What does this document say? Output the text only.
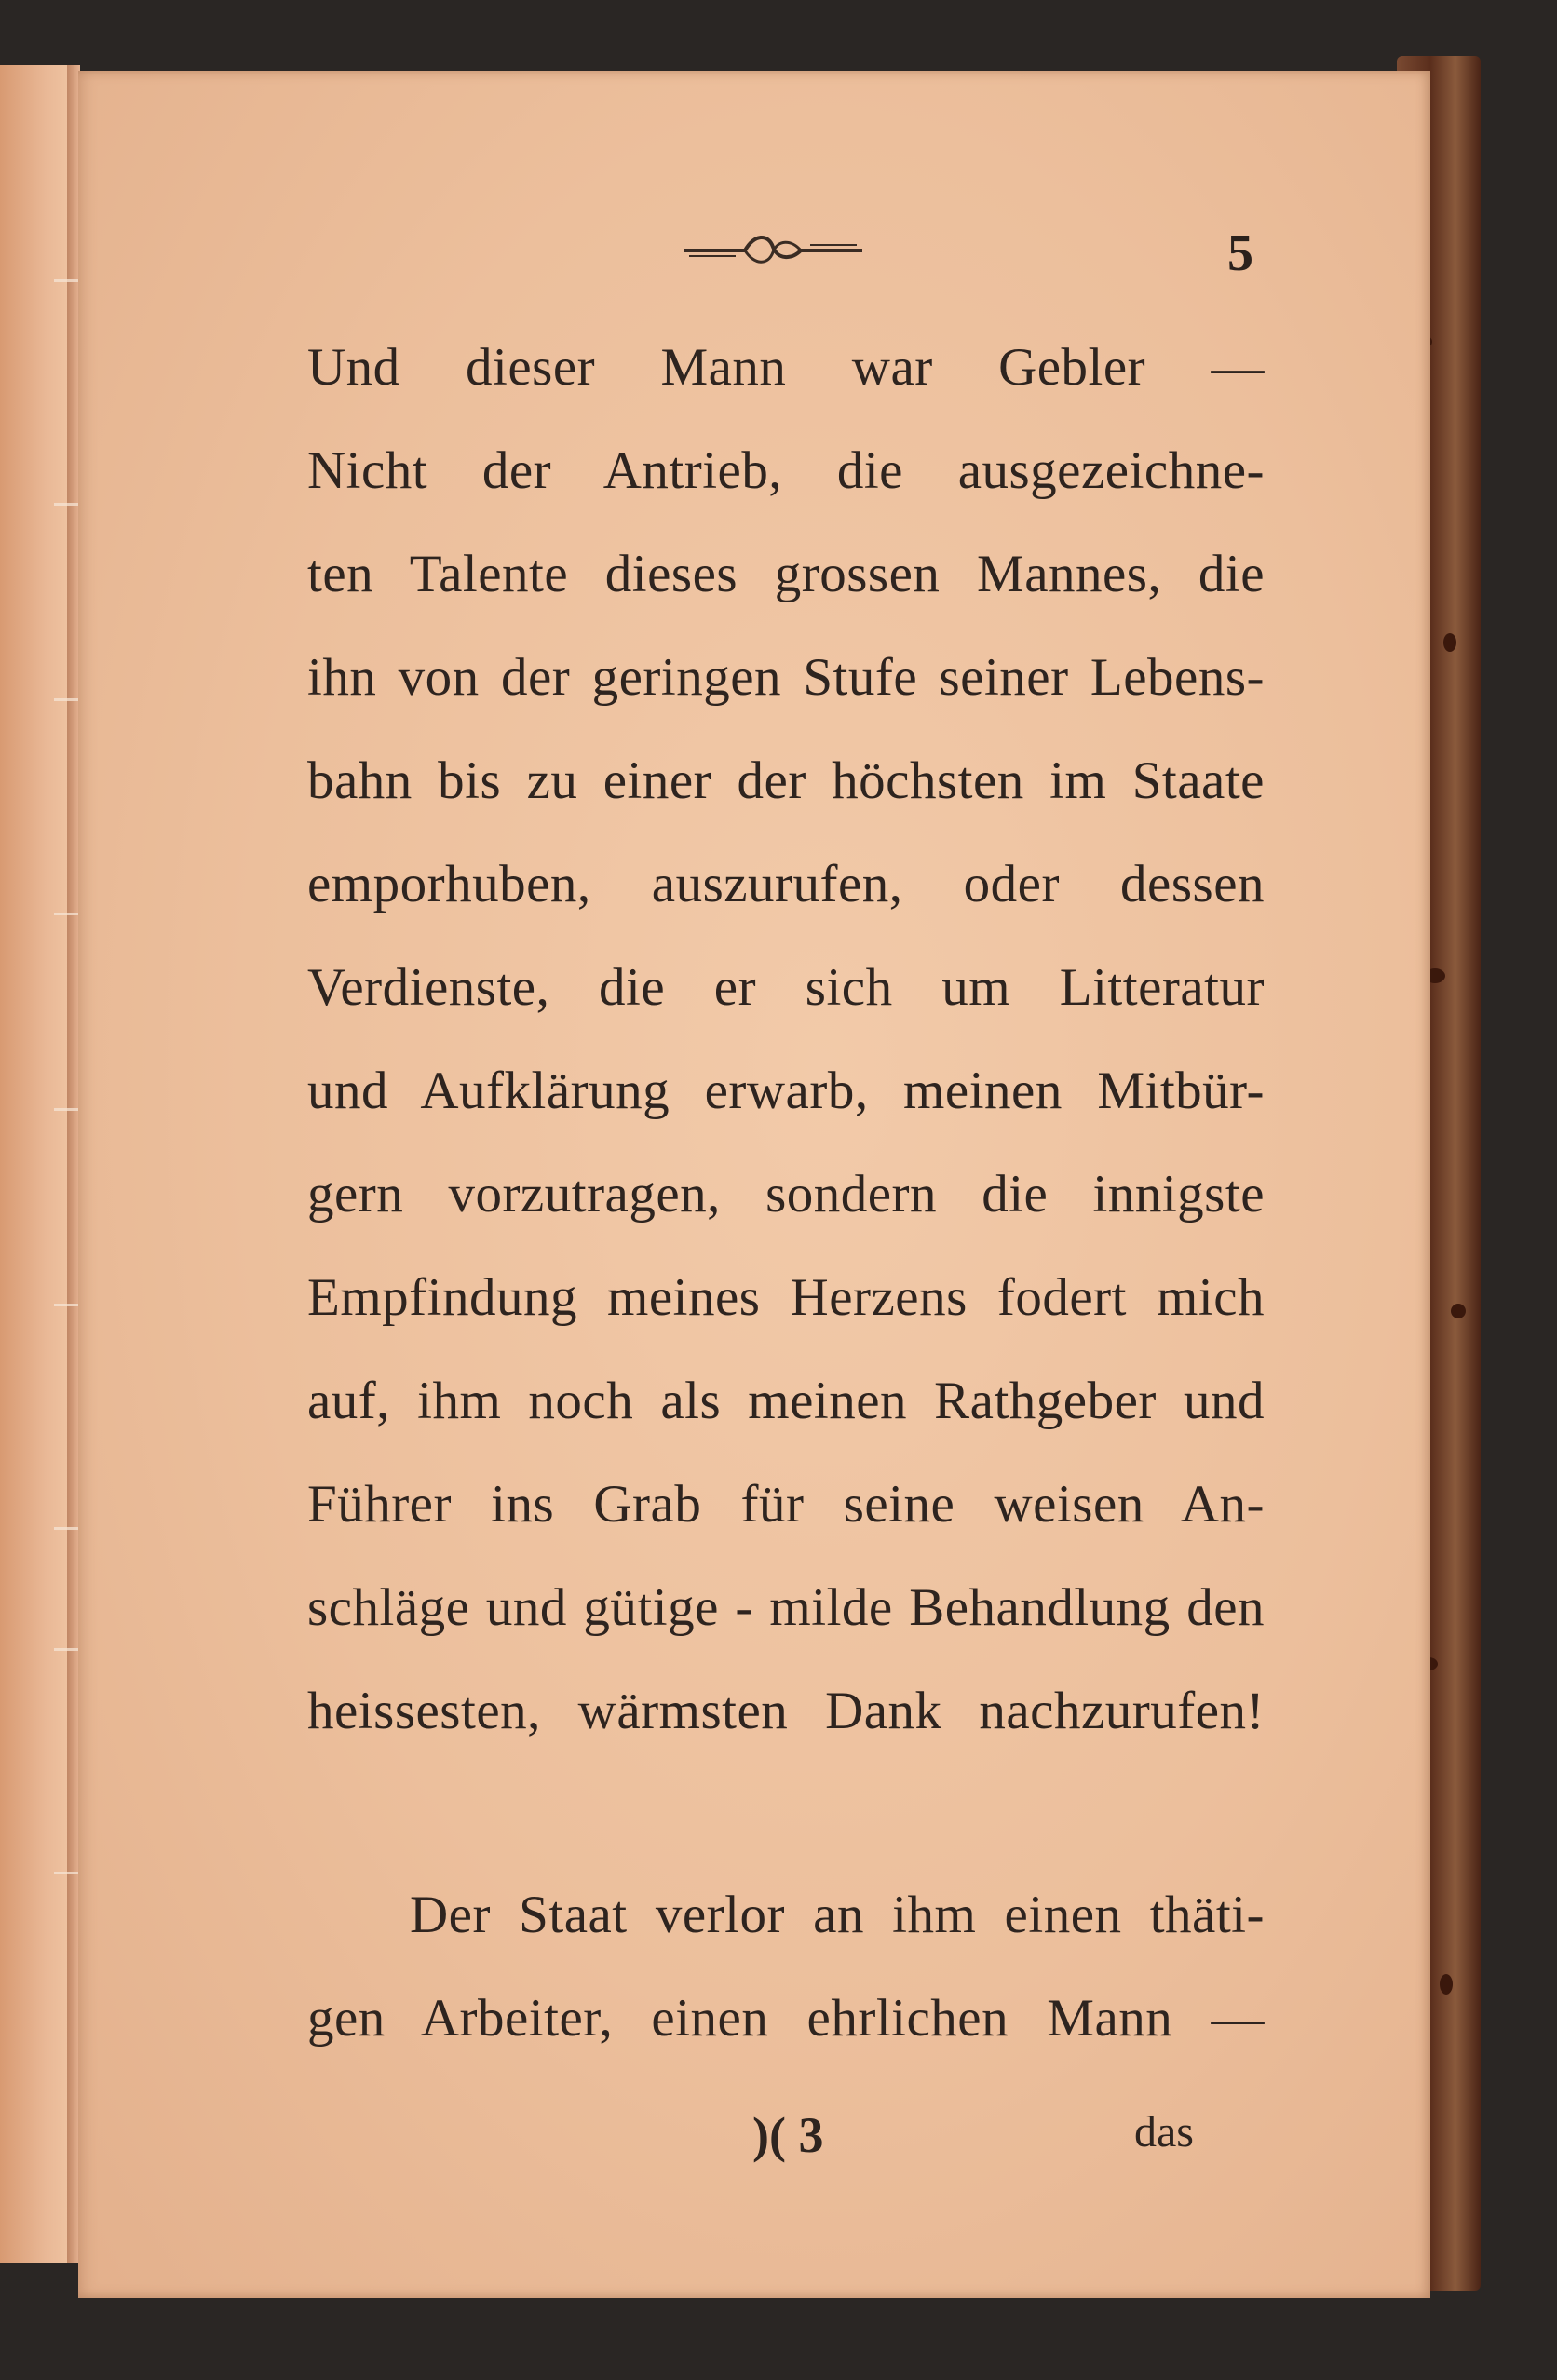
5
Und dieser Mann war Gebler —
Nicht der Antrieb, die ausgezeichne-
ten Talente dieses grossen Mannes, die
ihn von der geringen Stufe seiner Lebens-
bahn bis zu einer der höchsten im Staate
emporhuben, auszurufen, oder dessen
Verdienste, die er sich um Litteratur
und Aufklärung erwarb, meinen Mitbür-
gern vorzutragen, sondern die innigste
Empfindung meines Herzens fodert mich
auf, ihm noch als meinen Rathgeber und
Führer ins Grab für seine weisen An-
schläge und gütige - milde Behandlung den
heissesten, wärmsten Dank nachzurufen!
Der Staat verlor an ihm einen thäti-
gen Arbeiter, einen ehrlichen Mann —
)( 3	das
